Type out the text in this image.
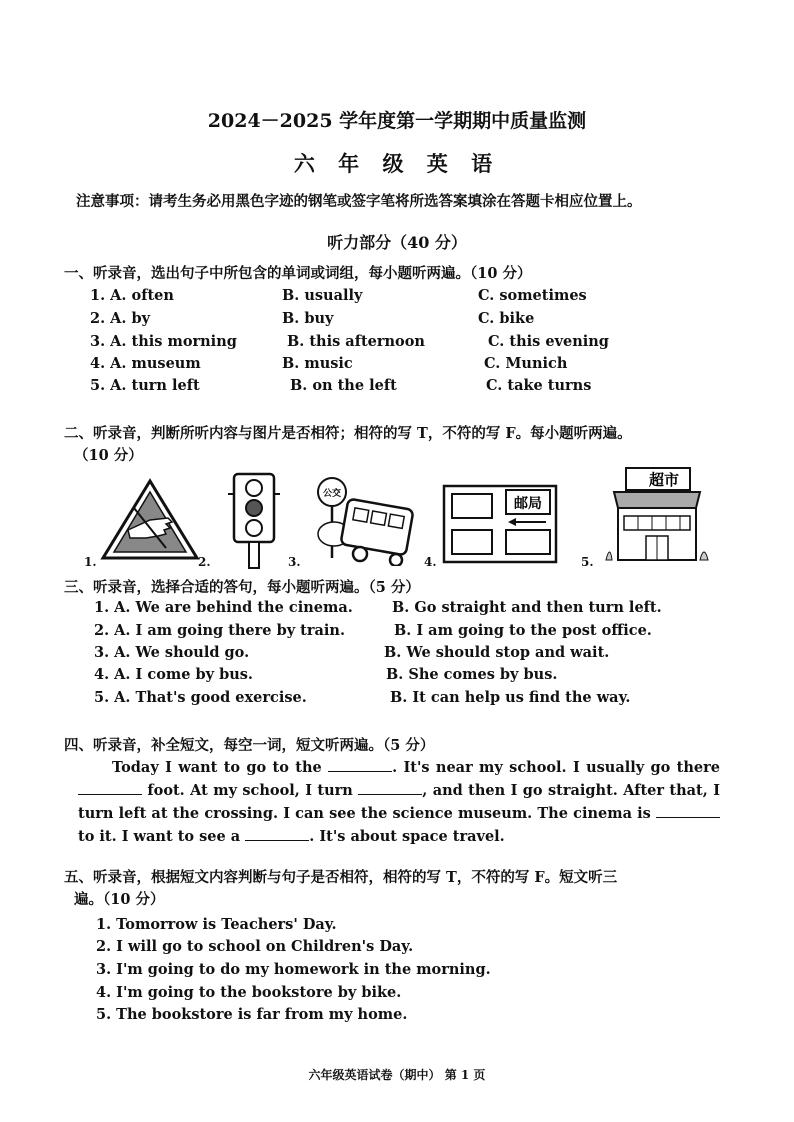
2024－2025 学年度第一学期期中质量监测
六 年 级 英 语
注意事项：请考生务必用黑色字迹的钢笔或签字笔将所选答案填涂在答题卡相应位置上。
听力部分（40 分）
一、听录音，选出句子中所包含的单词或词组，每小题听两遍。（10 分）
1. A. often	B. usually	C. sometimes
2. A. by	B. buy	C. bike
3. A. this morning	B. this afternoon	C. this evening
4. A. museum	B. music	C. Munich
5. A. turn left	B. on the left	C. take turns
二、听录音，判断所听内容与图片是否相符；相符的写 T，不符的写 F。每小题听两遍。
（10 分）
1.	2.	3.	4.	5.
公交
邮局
超市
三、听录音，选择合适的答句，每小题听两遍。（5 分）
1. A. We are behind the cinema.	B. Go straight and then turn left.
2. A. I am going there by train.	B. I am going to the post office.
3. A. We should go.	B. We should stop and wait.
4. A. I come by bus.	B. She comes by bus.
5. A. That's good exercise.	B. It can help us find the way.
四、听录音，补全短文，每空一词，短文听两遍。（5 分）
Today I want to go to the	. It's near my school. I usually go there  foot. At my school, I turn	, and then I go straight. After that, I turn left at the crossing. I can see the science museum. The cinema is  to it. I want to see a	. It's about space travel.
五、听录音，根据短文内容判断与句子是否相符，相符的写 T，不符的写 F。短文听三
遍。（10 分）
1. Tomorrow is Teachers' Day.
2. I will go to school on Children's Day.
3. I'm going to do my homework in the morning.
4. I'm going to the bookstore by bike.
5. The bookstore is far from my home.
六年级英语试卷（期中） 第 1 页
